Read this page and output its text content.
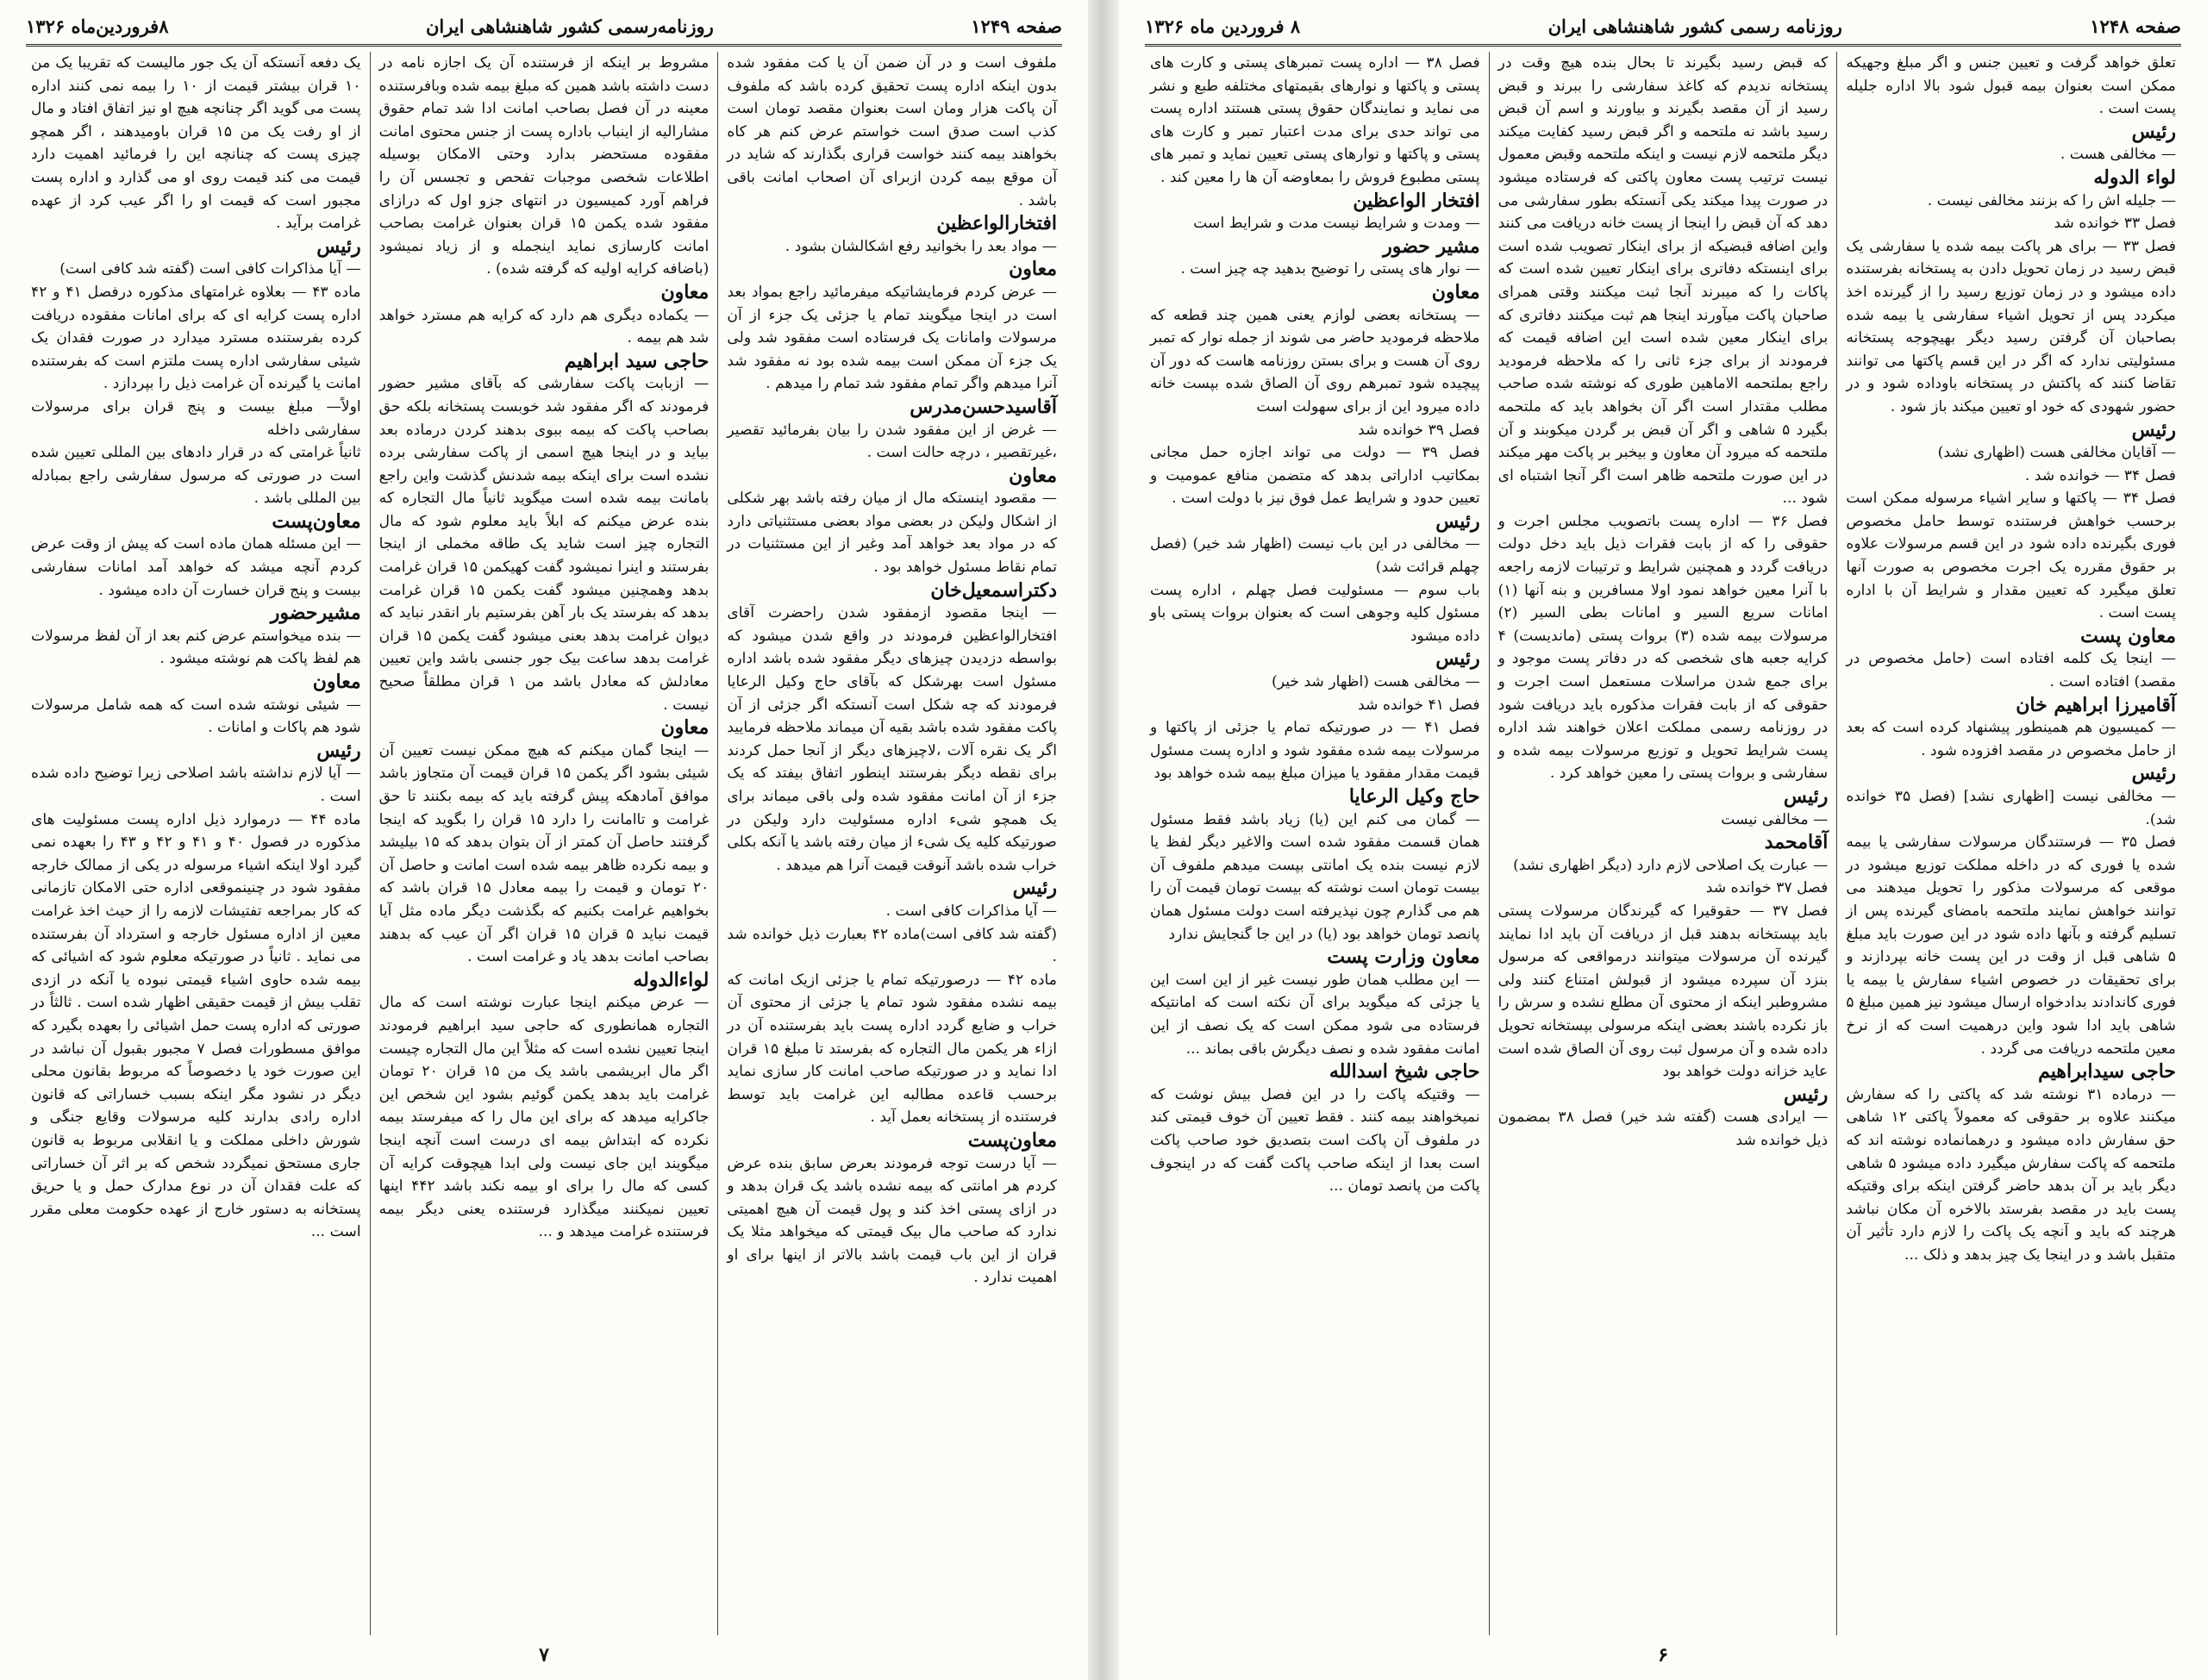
صفحه ۱۲۴۹
روزنامه‌رسمی کشور شاهنشاهی ایران
۸فروردین‌ماه ۱۳۲۶

ملفوف است و در آن ضمن آن یا کت مفقود شده بدون اینکه اداره پست تحقیق کرده باشد که ملفوف آن پاکت هزار ومان است بعنوان مقصد تومان است کذب است صدق است خواستم عرض کنم هر کاه بخواهند بیمه کنند خواست قراری بگذارند که شاید در آن موقع بیمه کردن ازبرای آن اصحاب امانت باقی باشد .

افتخارالواعظین

— مواد بعد را بخوانید رفع اشکالشان بشود .

معاون

— عرض کردم فرمایشاتیکه میفرمائید راجع بمواد بعد است در اینجا میگویند تمام یا جزئی یک جزء از آن مرسولات وامانات یک فرستاده است مفقود شد ولی یک جزء آن ممکن است بیمه شده بود نه مفقود شد آنرا میدهم واگر تمام مفقود شد تمام را میدهم .

آقاسیدحسن‌مدرس

— غرض از این مفقود شدن را بیان بفرمائید تقصیر ،غیرتقصیر ، درچه حالت است .

معاون

— مقصود اینستکه مال از میان رفته باشد بهر شکلی از اشکال ولیکن در بعضی مواد بعضی مستثنیاتی دارد که در مواد بعد خواهد آمد وغیر از این مستثنیات در تمام نقاط مسئول خواهد بود .

دکتراسمعیل‌خان

— اینجا مقصود ازمفقود شدن راحضرت آقای افتخارالواعظین فرمودند در واقع شدن میشود که بواسطه دزدیدن چیزهای دیگر مفقود شده باشد اداره مسئول است بهرشکل که بآقای حاج وکیل الرعایا فرمودند که چه شکل است آنستکه اگر جزئی از آن پاکت مفقود شده باشد بقیه آن میماند ملاحظه فرمایید اگر یک نقره آلات ،لاچیزهای دیگر از آنجا حمل کردند برای نقطه دیگر بفرستند اینطور اتفاق بیفتد که یک جزء از آن امانت مفقود شده ولی باقی میماند برای یک همچو شیء اداره مسئولیت دارد ولیکن در صورتیکه کلیه یک شیء از میان رفته باشد یا آنکه بکلی خراب شده باشد آنوقت قیمت آنرا هم میدهد .

رئیس

— آیا مذاکرات کافی است .

(گفته شد کافی است)ماده ۴۲ بعبارت ذیل خوانده شد .

ماده ۴۲ — درصورتیکه تمام یا جزئی ازیک امانت که بیمه نشده مفقود شود تمام یا جزئی از محتوی آن خراب و ضایع گردد اداره پست باید بفرستنده آن در ازاء هر یکمن مال التجاره که بفرستد تا مبلغ ۱۵ قران ادا نماید و در صورتیکه صاحب امانت کار سازی نماید برحسب قاعده مطالبه این غرامت باید توسط فرستنده از پستخانه بعمل آید .

معاون‌پست

— آیا درست توجه فرمودند بعرض سابق بنده عرض کردم هر امانتی که بیمه نشده باشد یک قران بدهد و در ازای پستی اخذ کند و پول قیمت آن هیچ اهمیتی ندارد که صاحب مال بیک قیمتی که میخواهد مثلا یک قران از این باب قیمت باشد بالاتر از اینها برای او اهمیت ندارد .

مشروط بر اینکه از فرستنده آن یک اجازه نامه در دست داشته باشد همین که مبلغ بیمه شده وبافرستنده معینه در آن فصل بصاحب امانت ادا شد تمام حقوق مشارالیه از اینباب باداره پست از جنس محتوی امانت مفقوده مستحضر بدارد وحتی الامکان بوسیله اطلاعات شخصی موجبات تفحص و تجسس آن را فراهم آورد کمیسیون در انتهای جزو اول که درازای مفقود شده یکمن ۱۵ قران بعنوان غرامت بصاحب امانت کارسازی نماید اینجمله و از زیاد نمیشود (باضافه کرایه اولیه که گرفته شده) .

معاون

— یکماده دیگری هم دارد که کرایه هم مسترد خواهد شد هم بیمه .

حاجی سید ابراهیم

— ازبابت پاکت سفارشی که بآقای مشیر حضور فرمودند که اگر مفقود شد خوبست پستخانه بلکه حق بصاحب پاکت که بیمه ببوی بدهند کردن درماده بعد بیاید و در اینجا هیچ اسمی از پاکت سفارشی برده نشده است برای اینکه بیمه شدنش گذشت واین راجع بامانت بیمه شده است میگوید ثانیاً مال التجاره که بنده عرض میکنم که ابلاً باید معلوم شود که مال التجاره چیز است شاید یک طاقه مخملی از اینجا بفرستند و اینرا نمیشود گفت کهیکمن ۱۵ قران غرامت بدهد وهمچنین میشود گفت یکمن ۱۵ قران غرامت بدهد که بفرستد یک بار آهن بفرستیم بار انقدر نباید که دیوان غرامت بدهد بعنی میشود گفت یکمن ۱۵ قران غرامت بدهد ساعت بیک جور جنسی باشد واین تعیین معادلش که معادل باشد من ۱ قران مطلقاً صحیح نیست .

معاون

— اینجا گمان میکنم که هیچ ممکن نیست تعیین آن شیئی بشود اگر یکمن ۱۵ قران قیمت آن متجاوز باشد موافق آمادهکه پیش گرفته باید که بیمه بکنند تا حق غرامت و تاامانت را دارد ۱۵ قران را بگوید که اینجا گرفتند حاصل آن کمتر از آن بتوان بدهد که ۱۵ بیلیشد و بیمه نکرده ظاهر بیمه شده است امانت و حاصل آن ۲۰ تومان و قیمت را بیمه معادل ۱۵ قران باشد که بخواهیم غرامت بکنیم که بگذشت دیگر ماده مثل آیا قیمت نباید ۵ قران ۱۵ قران اگر آن عیب که بدهند بصاحب امانت بدهد یاد و غرامت است .

لواءالدوله

— عرض میکنم اینجا عبارت نوشته است که مال التجاره همانطوری که حاجی سید ابراهیم فرمودند اینجا تعیین نشده است که مثلاً این مال التجاره چیست اگر مال ابریشمی باشد یک من ۱۵ قران ۲۰ تومان غرامت باید بدهد یکمن گوئیم بشود این شخص این جاکرایه میدهد که برای این مال را که میفرستد بیمه نکرده که ابتداش بیمه ای درست است آنچه اینجا میگویند این جای نیست ولی ابدا هیچوقت کرایه آن کسی که مال را برای او بیمه نکند باشد ۴۴۲ اینها تعیین نمیکنند میگذارد فرستنده یعنی دیگر بیمه فرستنده غرامت میدهد و ...

یک دفعه آنستکه آن یک جور مالیست که تقریبا یک من ۱۰ قران بیشتر قیمت از ۱۰ را بیمه نمی کنند اداره پست می گوید اگر چنانچه هیچ او نیز اتفاق افتاد و مال از او رفت یک من ۱۵ قران باومیدهند ، اگر همچو چیزی پست که چنانچه این را فرمائید اهمیت دارد قیمت می کند قیمت روی او می گذارد و اداره پست مجبور است که قیمت او را اگر عیب کرد از عهده غرامت برآید .

رئیس

— آیا مذاکرات کافی است (گفته شد کافی است)

ماده ۴۳ — بعلاوه غرامتهای مذکوره درفصل ۴۱ و ۴۲ اداره پست کرایه ای که برای امانات مفقوده دریافت کرده بفرستنده مسترد میدارد در صورت فقدان یک شیئی سفارشی اداره پست ملتزم است که بفرستنده امانت یا گیرنده آن غرامت ذیل را بپردازد .

اولاً— مبلغ بیست و پنج قران برای مرسولات سفارشی داخله

ثانیاً غرامتی که در قرار دادهای بین المللی تعیین شده است در صورتی که مرسول سفارشی راجع بمبادله بین المللی باشد .

معاون‌پست

— این مسئله همان ماده است که پیش از وقت عرض کردم آنچه میشد که خواهد آمد امانات سفارشی بیست و پنج قران خسارت آن داده میشود .

مشیرحضور

— بنده میخواستم عرض کنم بعد از آن لفظ مرسولات هم لفظ پاکت هم نوشته میشود .

معاون

— شیئی نوشته شده است که همه شامل مرسولات شود هم پاکات و امانات .

رئیس

— آیا لازم نداشته باشد اصلاحی زیرا توضیح داده شده است .

ماده ۴۴ — درموارد ذیل اداره پست مسئولیت های مذکوره در فصول ۴۰ و ۴۱ و ۴۲ و ۴۳ را بعهده نمی گیرد اولا اینکه اشیاء مرسوله در یکی از ممالک خارجه مفقود شود در چنینموقعی اداره حتی الامکان تازمانی که کار بمراجعه تفتیشات لازمه را از حیث اخذ غرامت معین از اداره مسئول خارجه و استرداد آن بفرستنده می نماید . ثانیاً در صورتیکه معلوم شود که اشیائی که بیمه شده حاوی اشیاء قیمتی نبوده یا آنکه در ازدی تقلب بیش از قیمت حقیقی اظهار شده است . ثالثاً در صورتی که اداره پست حمل اشیائی را بعهده بگیرد که موافق مسطورات فصل ۷ مجبور بقبول آن نباشد در این صورت خود یا دخصوصاً که مربوط بقانون محلی دیگر در نشود مگر اینکه بسبب خساراتی که قانون اداره رادی بدارند کلیه مرسولات وقایع جنگی و شورش داخلی مملکت و یا انقلابی مربوط به قانون جاری مستحق نمیگردد شخص که بر اثر آن خساراتی که علت فقدان آن در نوع مدارک حمل و یا حریق پستخانه به دستور خارج از عهده حکومت معلی مقرر است ...

۷
صفحه ۱۲۴۸
روزنامه رسمی کشور شاهنشاهی ایران
۸ فروردین ماه ۱۳۲۶

تعلق خواهد گرفت و تعیین جنس و اگر مبلغ وجهیکه ممکن است بعنوان بیمه قبول شود بالا اداره جلیله پست است .

رئیس

— مخالفی هست .

لواء الدوله

— جلیله اش را که بزنند مخالفی نیست .

فصل ۳۳ خوانده شد

فصل ۳۳ — برای هر پاکت بیمه شده یا سفارشی یک قبض رسید در زمان تحویل دادن به پستخانه بفرستنده داده میشود و در زمان توزیع رسید را از گیرنده اخذ میکردد پس از تحویل اشیاء سفارشی یا بیمه شده بصاحبان آن گرفتن رسید دیگر بهیچوجه پستخانه مسئولیتی ندارد که اگر در این قسم پاکتها می توانند تقاضا کنند که پاکتش در پستخانه باوداده شود و در حضور شهودی که خود او تعیین میکند باز شود .

رئیس

— آقایان مخالفی هست (اظهاری نشد)

فصل ۳۴ — خوانده شد .

فصل ۳۴ — پاکتها و سایر اشیاء مرسوله ممکن است برحسب خواهش فرستنده توسط حامل مخصوص فوری بگیرنده داده شود در این قسم مرسولات علاوه بر حقوق مقرره یک اجرت مخصوص به صورت آنها تعلق میگیرد که تعیین مقدار و شرایط آن با اداره پست است .

معاون پست

— اینجا یک کلمه افتاده است (حامل مخصوص در مقصد) افتاده است .

آقامیرزا ابراهیم خان

— کمیسیون هم همینطور پیشنهاد کرده است که بعد از حامل مخصوص در مقصد افزوده شود .

رئیس

— مخالفی نیست [اظهاری نشد] (فصل ۳۵ خوانده شد).

فصل ۳۵ — فرستندگان مرسولات سفارشی یا بیمه شده یا فوری که در داخله مملکت توزیع میشود در موقعی که مرسولات مذکور را تحویل میدهند می توانند خواهش نمایند ملتحمه بامضای گیرنده پس از تسلیم گرفته و بآنها داده شود در این صورت باید مبلغ ۵ شاهی قبل از وقت در این پست خانه بپردازند و برای تحقیقات در خصوص اشیاء سفارش یا بیمه یا فوری کاندادند بدادخواه ارسال میشود نیز همین مبلغ ۵ شاهی باید ادا شود واین درهمیت است که از نرخ معین ملتحمه دریافت می گردد .

حاجی سیدابراهیم

— درماده ۳۱ نوشته شد که پاکتی را که سفارش میکنند علاوه بر حقوقی که معمولاً پاکتی ۱۲ شاهی حق سفارش داده میشود و درهمانماده نوشته اند که ملتحمه که پاکت سفارش میگیرد داده میشود ۵ شاهی دیگر باید بر آن بدهد حاضر گرفتن اینکه برای وقتیکه پست باید در مقصد بفرستد بالاخره آن مکان نباشد هرچند که باید و آنچه یک پاکت را لازم دارد تأثیر آن متقبل باشد و در اینجا یک چیز بدهد و ذلک ...

که قبض رسید بگیرند تا بحال بنده هیچ وقت در پستخانه ندیدم که کاغذ سفارشی را ببرند و قبض رسید از آن مقصد بگیرند و بیاورند و اسم آن قبض رسید باشد نه ملتحمه و اگر قبض رسید کفایت میکند دیگر ملتحمه لازم نیست و اینکه ملتحمه وقبض معمول نیست ترتیب پست معاون پاکتی که فرستاده میشود در صورت پیدا میکند یکی آنستکه بطور سفارشی می دهد که آن قبض را اینجا از پست خانه دریافت می کنند واین اضافه قبضیکه از برای اینکار تصویب شده است برای اینستکه دفاتری برای اینکار تعیین شده است که پاکات را که میبرند آنجا ثبت میکنند وقتی همرای صاحبان پاکت میآورند اینجا هم ثبت میکنند دفاتری که برای اینکار معین شده است این اضافه قیمت که فرمودند از برای جزء ثانی را که ملاحظه فرمودید راجع بملتحمه الاماهین طوری که نوشته شده صاحب مطلب مقتدار است اگر آن بخواهد باید که ملتحمه بگیرد ۵ شاهی و اگر آن قبض بر گردن میکوبند و آن ملتحمه که میرود آن معاون و بیخبر بر پاکت مهر میکند در این صورت ملتحمه ظاهر است اگر آنجا اشتباه ای شود ...

فصل ۳۶ — اداره پست باتصویب مجلس اجرت و حقوقی را که از بابت فقرات ذیل باید دخل دولت دریافت گردد و همچنین شرایط و ترتیبات لازمه راجعه با آنرا معین خواهد نمود اولا مسافرین و بنه آنها (۱) امانات سریع السیر و امانات بطی السیر (۲) مرسولات بیمه شده (۳) بروات پستی (ماندیست) ۴ کرایه جعبه های شخصی که در دفاتر پست موجود و برای جمع شدن مراسلات مستعمل است اجرت و حقوقی که از بابت فقرات مذکوره باید دریافت شود در روزنامه رسمی مملکت اعلان خواهند شد اداره پست شرایط تحویل و توزیع مرسولات بیمه شده و سفارشی و بروات پستی را معین خواهد کرد .

رئیس

— مخالفی نیست

آقامحمد

— عبارت یک اصلاحی لازم دارد (دیگر اظهاری نشد)

فصل ۳۷ خوانده شد

فصل ۳۷ — حقوقیرا که گیرندگان مرسولات پستی باید بپستخانه بدهند قبل از دریافت آن باید ادا نمایند گیرنده آن مرسولات میتوانند درمواقعی که مرسول بنزد آن سپرده میشود از قبولش امتناع کنند ولی مشروطبر اینکه از محتوی آن مطلع نشده و سرش را باز نکرده باشند بعضی اینکه مرسولی بپستخانه تحویل داده شده و آن مرسول ثبت روی آن الصاق شده است عاید خزانه دولت خواهد بود

رئیس

— ایرادی هست (گفته شد خیر) فصل ۳۸ بمضمون ذیل خوانده شد

فصل ۳۸ — اداره پست تمبرهای پستی و کارت های پستی و پاکتها و نوارهای بقیمتهای مختلفه طبع و نشر می نماید و نمایندگان حقوق پستی هستند اداره پست می تواند حدی برای مدت اعتبار تمبر و کارت های پستی و پاکتها و نوارهای پستی تعیین نماید و تمبر های پستی مطبوع فروش را بمعاوضه آن ها را معین کند .

افتخار الواعظین

— ومدت و شرایط نیست مدت و شرایط است

مشیر حضور

— نوار های پستی را توضیح بدهید چه چیز است .

معاون

— پستخانه بعضی لوازم یعنی همین چند قطعه که ملاحظه فرمودید حاضر می شوند از جمله نوار که تمبر روی آن هست و برای بستن روزنامه هاست که دور آن پیچیده شود تمبرهم روی آن الصاق شده بپست خانه داده میرود این از برای سهولت است

فصل ۳۹ خوانده شد

فصل ۳۹ — دولت می تواند اجازه حمل مجانی بمکاتیب اداراتی بدهد که متضمن منافع عمومیت و تعیین حدود و شرایط عمل فوق نیز با دولت است .

رئیس

— مخالفی در این باب نیست (اظهار شد خیر) (فصل چهلم قرائت شد)

باب سوم — مسئولیت فصل چهلم ، اداره پست مسئول کلیه وجوهی است که بعنوان بروات پستی باو داده میشود

رئیس

— مخالفی هست (اظهار شد خیر)

فصل ۴۱ خوانده شد

فصل ۴۱ — در صورتیکه تمام یا جزئی از پاکتها و مرسولات بیمه شده مفقود شود و اداره پست مسئول قیمت مقدار مفقود یا میزان مبلغ بیمه شده خواهد بود

حاج وکیل الرعایا

— گمان می کنم این (یا) زیاد باشد فقط مسئول همان قسمت مفقود شده است والاغیر دیگر لفظ یا لازم نیست بنده یک امانتی بپست میدهم ملفوف آن بیست تومان است نوشته که بیست تومان قیمت آن را هم می گذارم چون نپذیرفته است دولت مسئول همان پانصد تومان خواهد بود (یا) در این جا گنجایش ندارد

معاون وزارت پست

— این مطلب همان طور نیست غیر از این است این یا جزئی که میگوید برای آن نکته است که امانتیکه فرستاده می شود ممکن است که یک نصف از این امانت مفقود شده و نصف دیگرش باقی بماند ...

حاجی شیخ اسدالله

— وقتیکه پاکت را در این فصل بیش نوشت که نمیخواهند بیمه کنند . فقط تعیین آن خوف قیمتی کند در ملفوف آن پاکت است بتصدیق خود صاحب پاکت است بعدا از اینکه صاحب پاکت گفت که در اینجوف پاکت من پانصد تومان ...

۶
